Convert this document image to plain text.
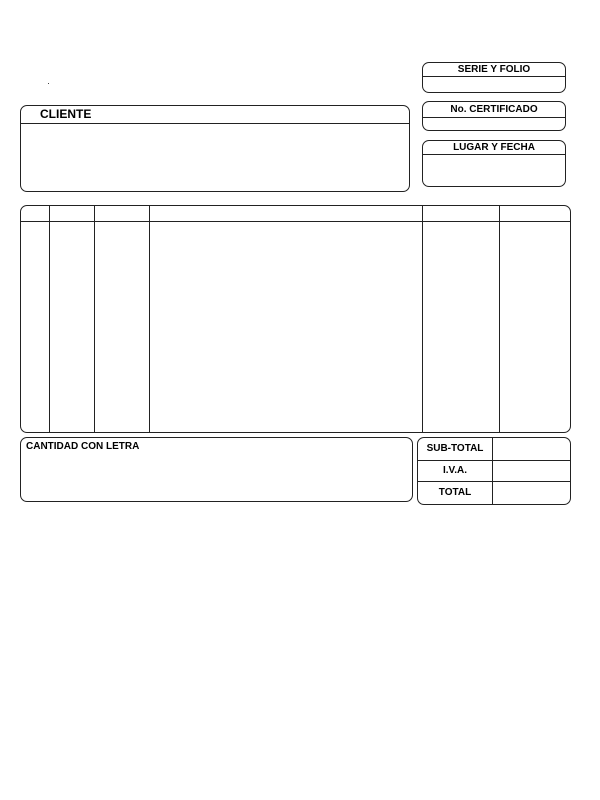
SERIE Y FOLIO
No. CERTIFICADO
LUGAR Y FECHA
CLIENTE
CANTIDAD CON LETRA	SUB-TOTAL
I.V.A.
TOTAL
